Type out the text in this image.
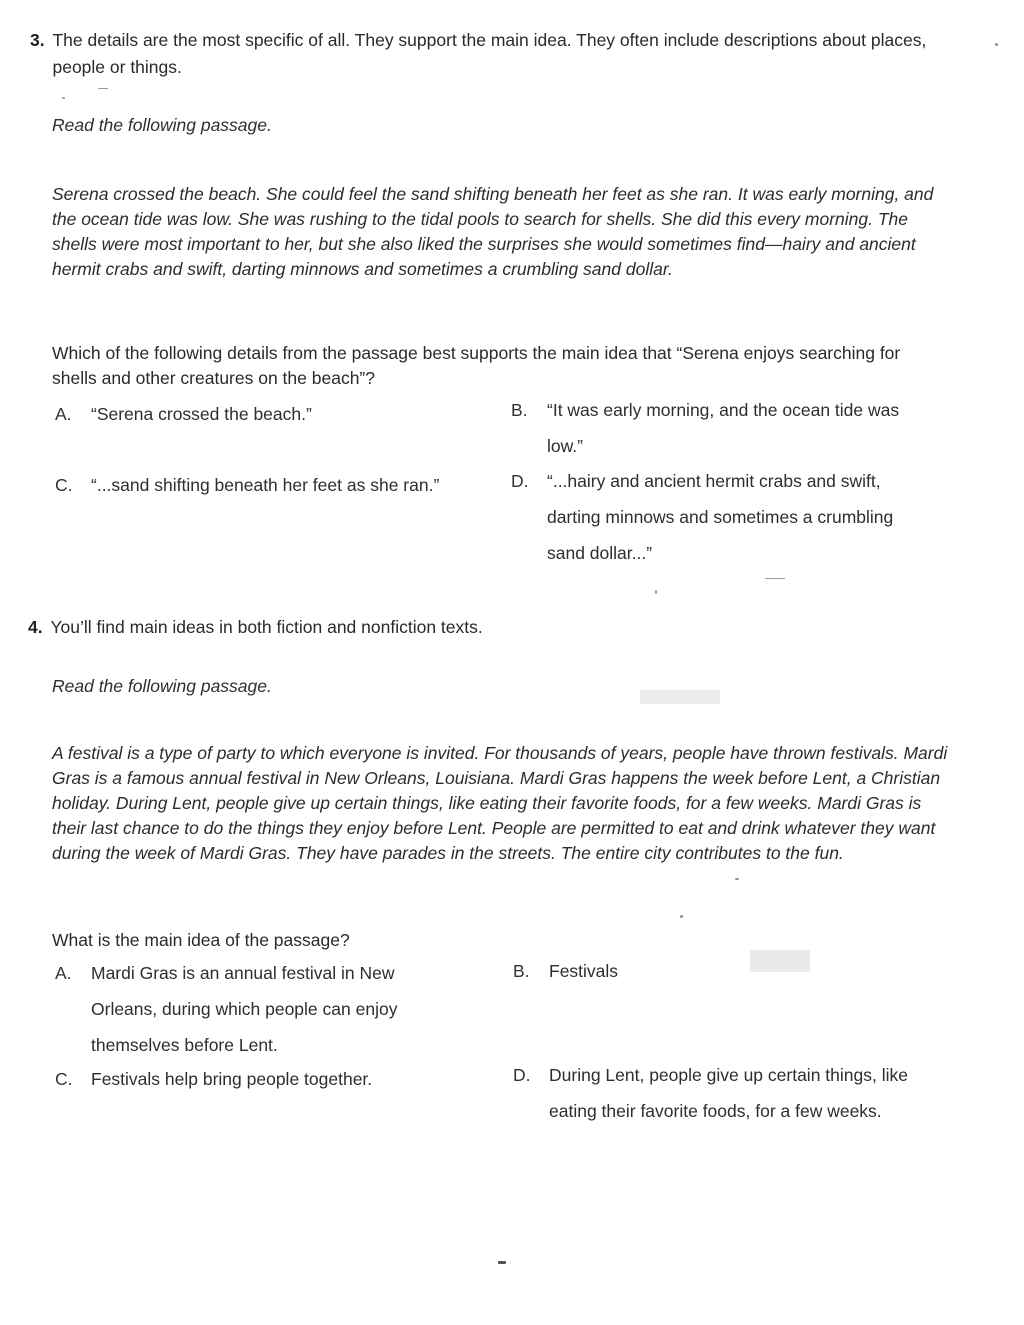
3. The details are the most specific of all. They support the main idea. They often include descriptions about places, people or things.
Read the following passage.
Serena crossed the beach. She could feel the sand shifting beneath her feet as she ran. It was early morning, and the ocean tide was low. She was rushing to the tidal pools to search for shells. She did this every morning. The shells were most important to her, but she also liked the surprises she would sometimes find—hairy and ancient hermit crabs and swift, darting minnows and sometimes a crumbling sand dollar.
Which of the following details from the passage best supports the main idea that “Serena enjoys searching for shells and other creatures on the beach”?
A.	“Serena crossed the beach.”	B.	“It was early morning, and the ocean tide was low.”
C.	“...sand shifting beneath her feet as she ran.”	D.	“...hairy and ancient hermit crabs and swift, darting minnows and sometimes a crumbling sand dollar...”
4. You’ll find main ideas in both fiction and nonfiction texts.
Read the following passage.
A festival is a type of party to which everyone is invited. For thousands of years, people have thrown festivals. Mardi Gras is a famous annual festival in New Orleans, Louisiana. Mardi Gras happens the week before Lent, a Christian holiday. During Lent, people give up certain things, like eating their favorite foods, for a few weeks. Mardi Gras is their last chance to do the things they enjoy before Lent. People are permitted to eat and drink whatever they want during the week of Mardi Gras. They have parades in the streets. The entire city contributes to the fun.
What is the main idea of the passage?
A.	Mardi Gras is an annual festival in New Orleans, during which people can enjoy themselves before Lent.
B.	Festivals
C.	Festivals help bring people together.	D.	During Lent, people give up certain things, like eating their favorite foods, for a few weeks.
